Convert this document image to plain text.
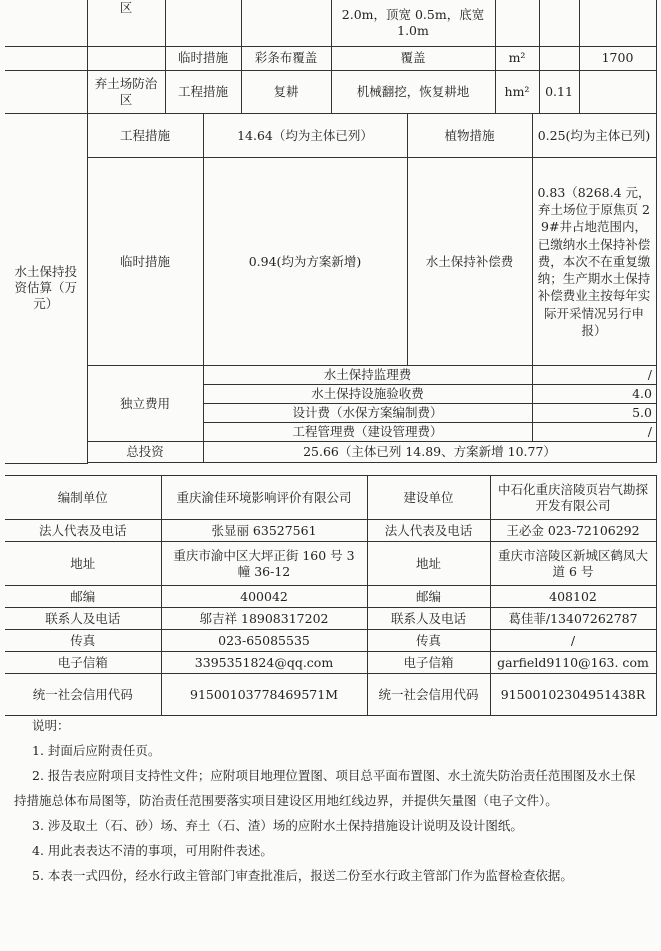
	区			2.0m，顶宽 0.5m，底宽 1.0m			
		临时措施	彩条布覆盖	覆盖	m²		1700
	弃土场防治区	工程措施	复耕	机械翻挖，恢复耕地	hm²	0.11	
水土保持投资估算（万元）	工程措施	14.64（均为主体已列）	植物措施	0.25(均为主体已列)	
	临时措施	0.94(均为方案新增)	水土保持补偿费	0.83（8268.4 元，弃土场位于原焦页 29#井占地范围内，已缴纳水土保持补偿费，本次不在重复缴纳；生产期水土保持补偿费业主按每年实际开采情况另行申报）	
	独立费用	水土保持监理费		/	
		水土保持设施验收费		4.0	
		设计费（水保方案编制费）		5.0	
		工程管理费（建设管理费）		/	
	总投资	25.66（主体已列 14.89、方案新增 10.77）			

编制单位	重庆渝佳环境影响评价有限公司	建设单位	中石化重庆涪陵页岩气勘探开发有限公司
法人代表及电话	张显丽 63527561	法人代表及电话	王必金 023-72106292
地址	重庆市渝中区大坪正街 160 号 3 幢 36-12	地址	重庆市涪陵区新城区鹤凤大道 6 号
邮编	400042	邮编	408102
联系人及电话	邬吉祥 18908317202	联系人及电话	葛佳菲/13407262787
传真	023-65085535	传真	/
电子信箱	3395351824@qq.com	电子信箱	garfield9110@163. com
统一社会信用代码	91500103778469571M	统一社会信用代码	91500102304951438R

说明：

1. 封面后应附责任页。

2. 报告表应附项目支持性文件；应附项目地理位置图、项目总平面布置图、水土流失防治责任范围图及水土保持措施总体布局图等，防治责任范围要落实项目建设区用地红线边界，并提供矢量图（电子文件）。

3. 涉及取土（石、砂）场、弃土（石、渣）场的应附水土保持措施设计说明及设计图纸。

4. 用此表表达不清的事项，可用附件表述。

5. 本表一式四份，经水行政主管部门审查批准后，报送二份至水行政主管部门作为监督检查依据。
